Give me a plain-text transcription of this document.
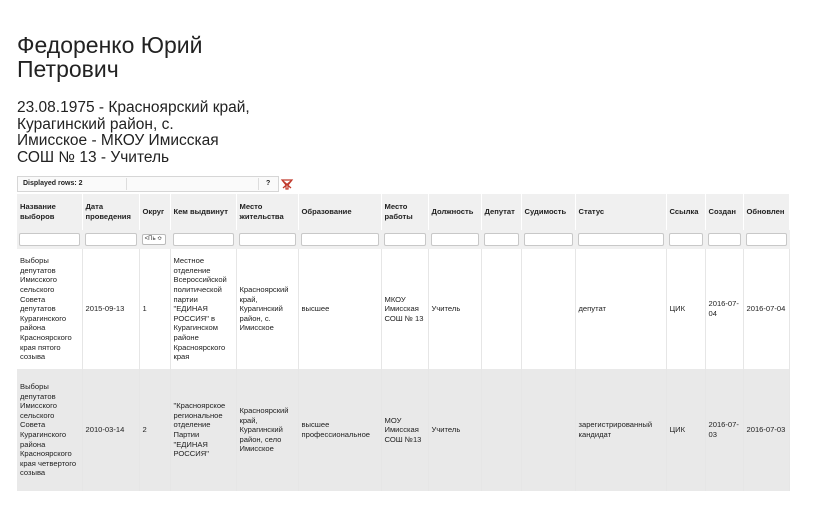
Федоренко Юрий
Петрович
23.08.1975 - Красноярский край,
Курагинский район, с.
Имисское - МКОУ Имисская
СОШ № 13 - Учитель
Displayed rows: 2	?
Название выборов	Дата проведения	Округ	Кем выдвинут	Место жительства	Образование	Место работы	Должность	Депутат	Судимость	Статус	Ссылка	Создан	Обновлен

		<Пь ≎											

Выборы депутатов Имисского сельского Совета депутатов Курагинского района Красноярского края пятого созыва	2015-09-13	1	Местное отделение Всероссийской политической партии "ЕДИНАЯ РОССИЯ" в Курагинском районе Красноярского края	Красноярский край, Курагинский район, с. Имисское	высшее	МКОУ Имисская СОШ № 13	Учитель			депутат	ЦИК	2016-07-04	2016-07-04
Выборы депутатов Имисского сельского Совета Курагинского района Красноярского края четвертого созыва	2010-03-14	2	"Красноярское региональное отделение Партии "ЕДИНАЯ РОССИЯ"	Красноярский край, Курагинский район, село Имисское	высшее профессиональное	МОУ Имисская СОШ №13	Учитель			зарегистрированный кандидат	ЦИК	2016-07-03	2016-07-03
